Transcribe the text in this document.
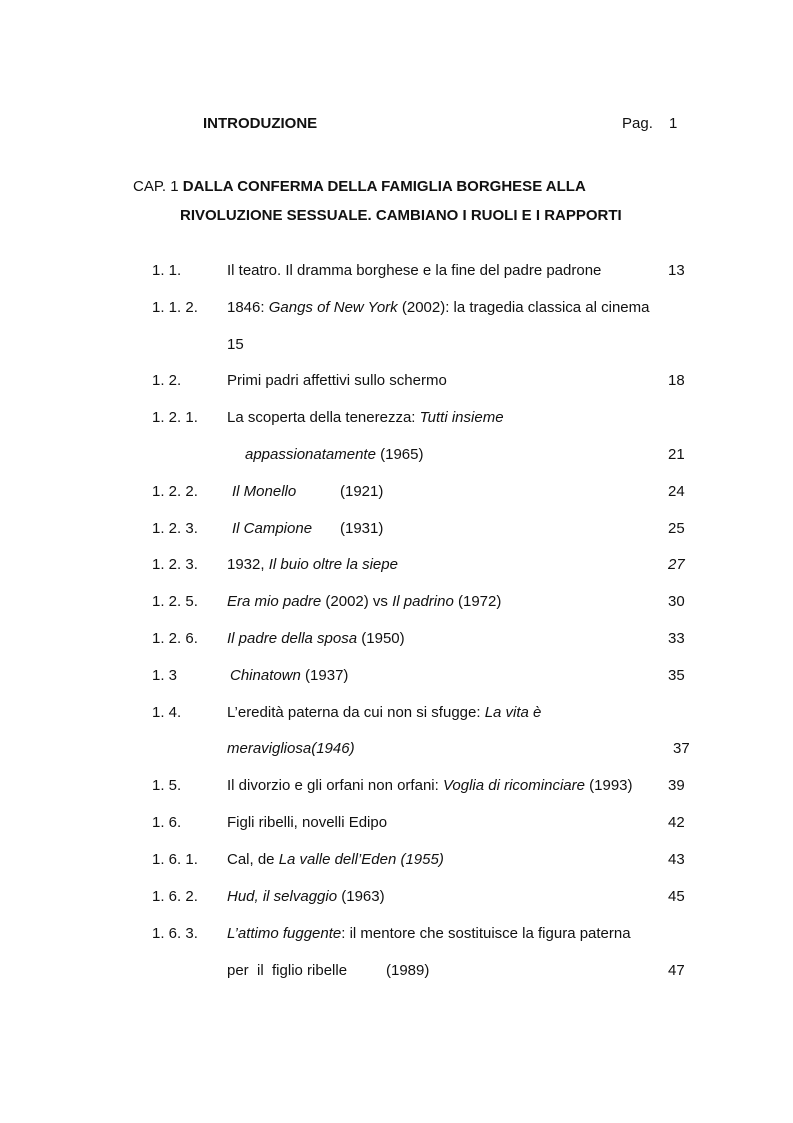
INTRODUZIONE	Pag. 1
CAP. 1 DALLA CONFERMA DELLA FAMIGLIA BORGHESE ALLA
RIVOLUZIONE SESSUALE. CAMBIANO I RUOLI E I RAPPORTI
1. 1.	Il teatro. Il dramma borghese e la fine del padre padrone	13
1. 1. 2. 1846: Gangs of New York (2002): la tragedia classica al cinema
15
1. 2.	Primi padri affettivi sullo schermo	18
1. 2. 1. La scoperta della tenerezza: Tutti insieme
appassionatamente (1965)	21
1. 2. 2. Il Monello	(1921)	24
1. 2. 3. Il Campione (1931)	25
1. 2. 3. 1932, Il buio oltre la siepe	27
1. 2. 5. Era mio padre (2002) vs Il padrino (1972)	30
1. 2. 6. Il padre della sposa (1950)	33
1. 3	Chinatown (1937)	35
1. 4.	L’eredità paterna da cui non si sfugge: La vita è
meravigliosa(1946)	37
1. 5.	Il divorzio e gli orfani non orfani: Voglia di ricominciare (1993) 39
1. 6.	Figli ribelli, novelli Edipo	42
1. 6. 1. Cal, de La valle dell’Eden (1955)	43
1. 6. 2. Hud, il selvaggio (1963)	45
1. 6. 3. L’attimo fuggente: il mentore che sostituisce la figura paterna
per  il  figlio ribelle	(1989)	47
